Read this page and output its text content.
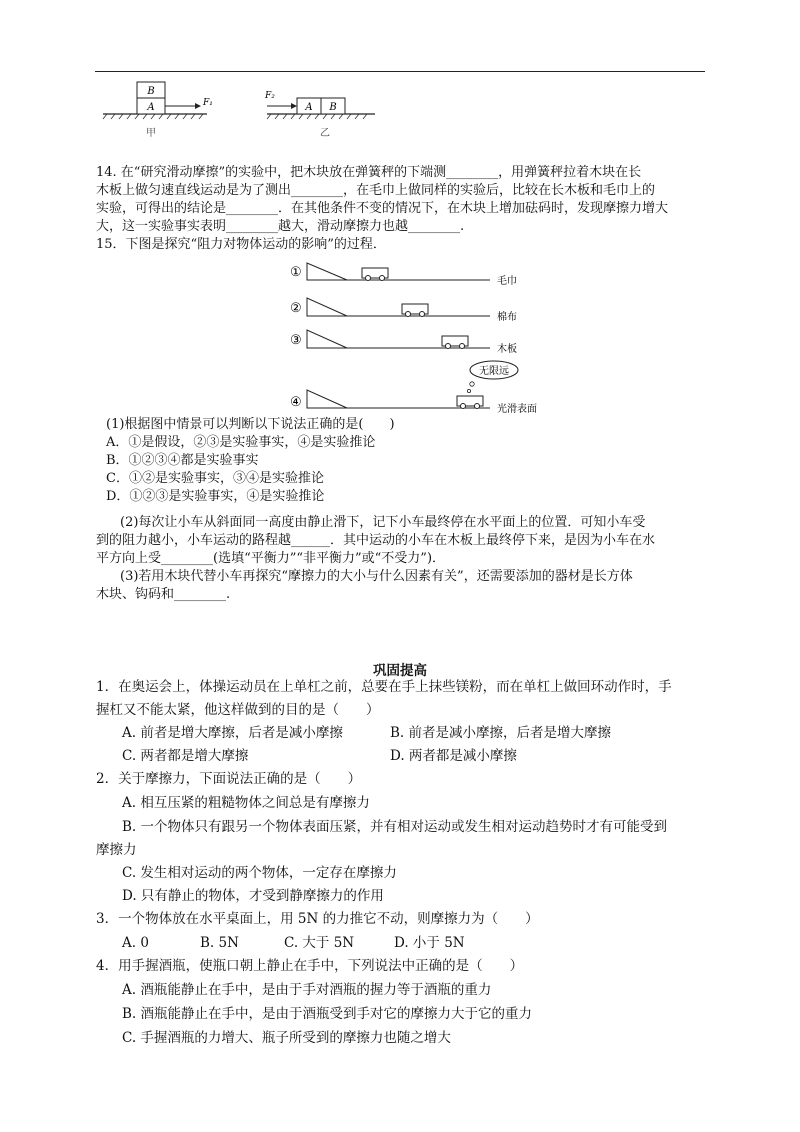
B
A	F₁
甲
F₂
A B
乙
14. 在“研究滑动摩擦”的实验中，把木块放在弹簧秤的下端测________，用弹簧秤拉着木块在长
木板上做匀速直线运动是为了测出________，在毛巾上做同样的实验后，比较在长木板和毛巾上的
实验，可得出的结论是________．在其他条件不变的情况下，在木块上增加砝码时，发现摩擦力增大
大，这一实验事实表明________越大，滑动摩擦力也越________.
15．下图是探究“阻力对物体运动的影响”的过程．
①
毛巾
②
棉布
③
木板
④
无限远
光滑表面
(1)根据图中情景可以判断以下说法正确的是(　　)
A．①是假设，②③是实验事实，④是实验推论
B．①②③④都是实验事实
C．①②是实验事实，③④是实验推论
D．①②③是实验事实，④是实验推论
(2)每次让小车从斜面同一高度由静止滑下，记下小车最终停在水平面上的位置．可知小车受
到的阻力越小，小车运动的路程越______．其中运动的小车在木板上最终停下来，是因为小车在水
平方向上受________(选填“平衡力”“非平衡力”或“不受力”)．
(3)若用木块代替小车再探究“摩擦力的大小与什么因素有关”，还需要添加的器材是长方体
木块、钩码和________.
巩固提高
1．在奥运会上，体操运动员在上单杠之前，总要在手上抹些镁粉，而在单杠上做回环动作时，手
握杠又不能太紧，他这样做到的目的是（　　）
A. 前者是增大摩擦，后者是减小摩擦	B. 前者是减小摩擦，后者是增大摩擦
C. 两者都是增大摩擦	D. 两者都是减小摩擦
2．关于摩擦力，下面说法正确的是（　　）
A. 相互压紧的粗糙物体之间总是有摩擦力
B. 一个物体只有跟另一个物体表面压紧，并有相对运动或发生相对运动趋势时才有可能受到
摩擦力
C. 发生相对运动的两个物体，一定存在摩擦力
D. 只有静止的物体，才受到静摩擦力的作用
3．一个物体放在水平桌面上，用 5N 的力推它不动，则摩擦力为（　　）
A. 0	B. 5N	C. 大于 5N	D. 小于 5N
4．用手握酒瓶，使瓶口朝上静止在手中，下列说法中正确的是（　　）
A. 酒瓶能静止在手中，是由于手对酒瓶的握力等于酒瓶的重力
B. 酒瓶能静止在手中，是由于酒瓶受到手对它的摩擦力大于它的重力
C. 手握酒瓶的力增大、瓶子所受到的摩擦力也随之增大
